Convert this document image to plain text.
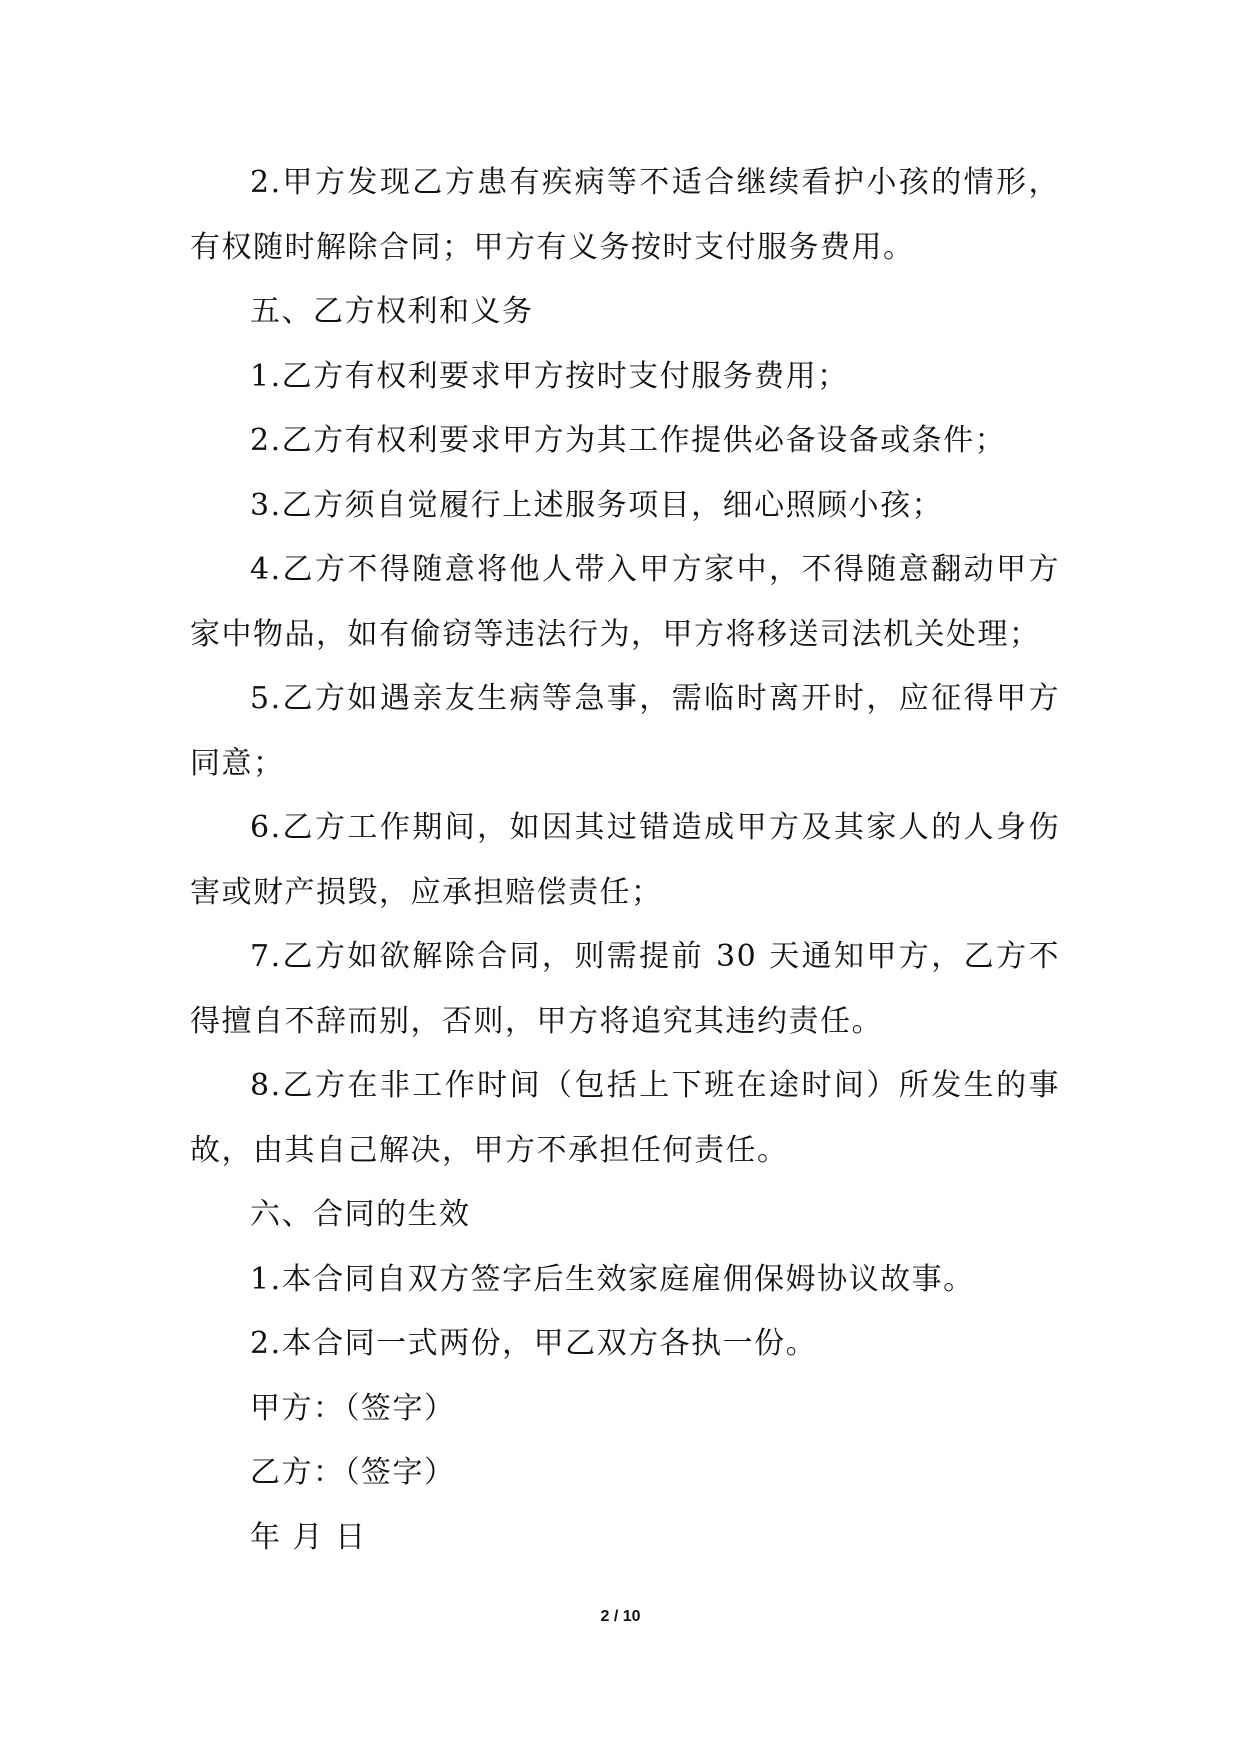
2.甲方发现乙方患有疾病等不适合继续看护小孩的情形，有权随时解除合同；甲方有义务按时支付服务费用。

五、乙方权利和义务

1.乙方有权利要求甲方按时支付服务费用；

2.乙方有权利要求甲方为其工作提供必备设备或条件；

3.乙方须自觉履行上述服务项目，细心照顾小孩；

4.乙方不得随意将他人带入甲方家中，不得随意翻动甲方家中物品，如有偷窃等违法行为，甲方将移送司法机关处理；

5.乙方如遇亲友生病等急事，需临时离开时，应征得甲方同意；

6.乙方工作期间，如因其过错造成甲方及其家人的人身伤害或财产损毁，应承担赔偿责任；

7.乙方如欲解除合同，则需提前 30 天通知甲方，乙方不得擅自不辞而别，否则，甲方将追究其违约责任。

8.乙方在非工作时间（包括上下班在途时间）所发生的事故，由其自己解决，甲方不承担任何责任。

六、合同的生效

1.本合同自双方签字后生效家庭雇佣保姆协议故事。

2.本合同一式两份，甲乙双方各执一份。

甲方：（签字）

乙方：（签字）

年 月 日

2 / 10
